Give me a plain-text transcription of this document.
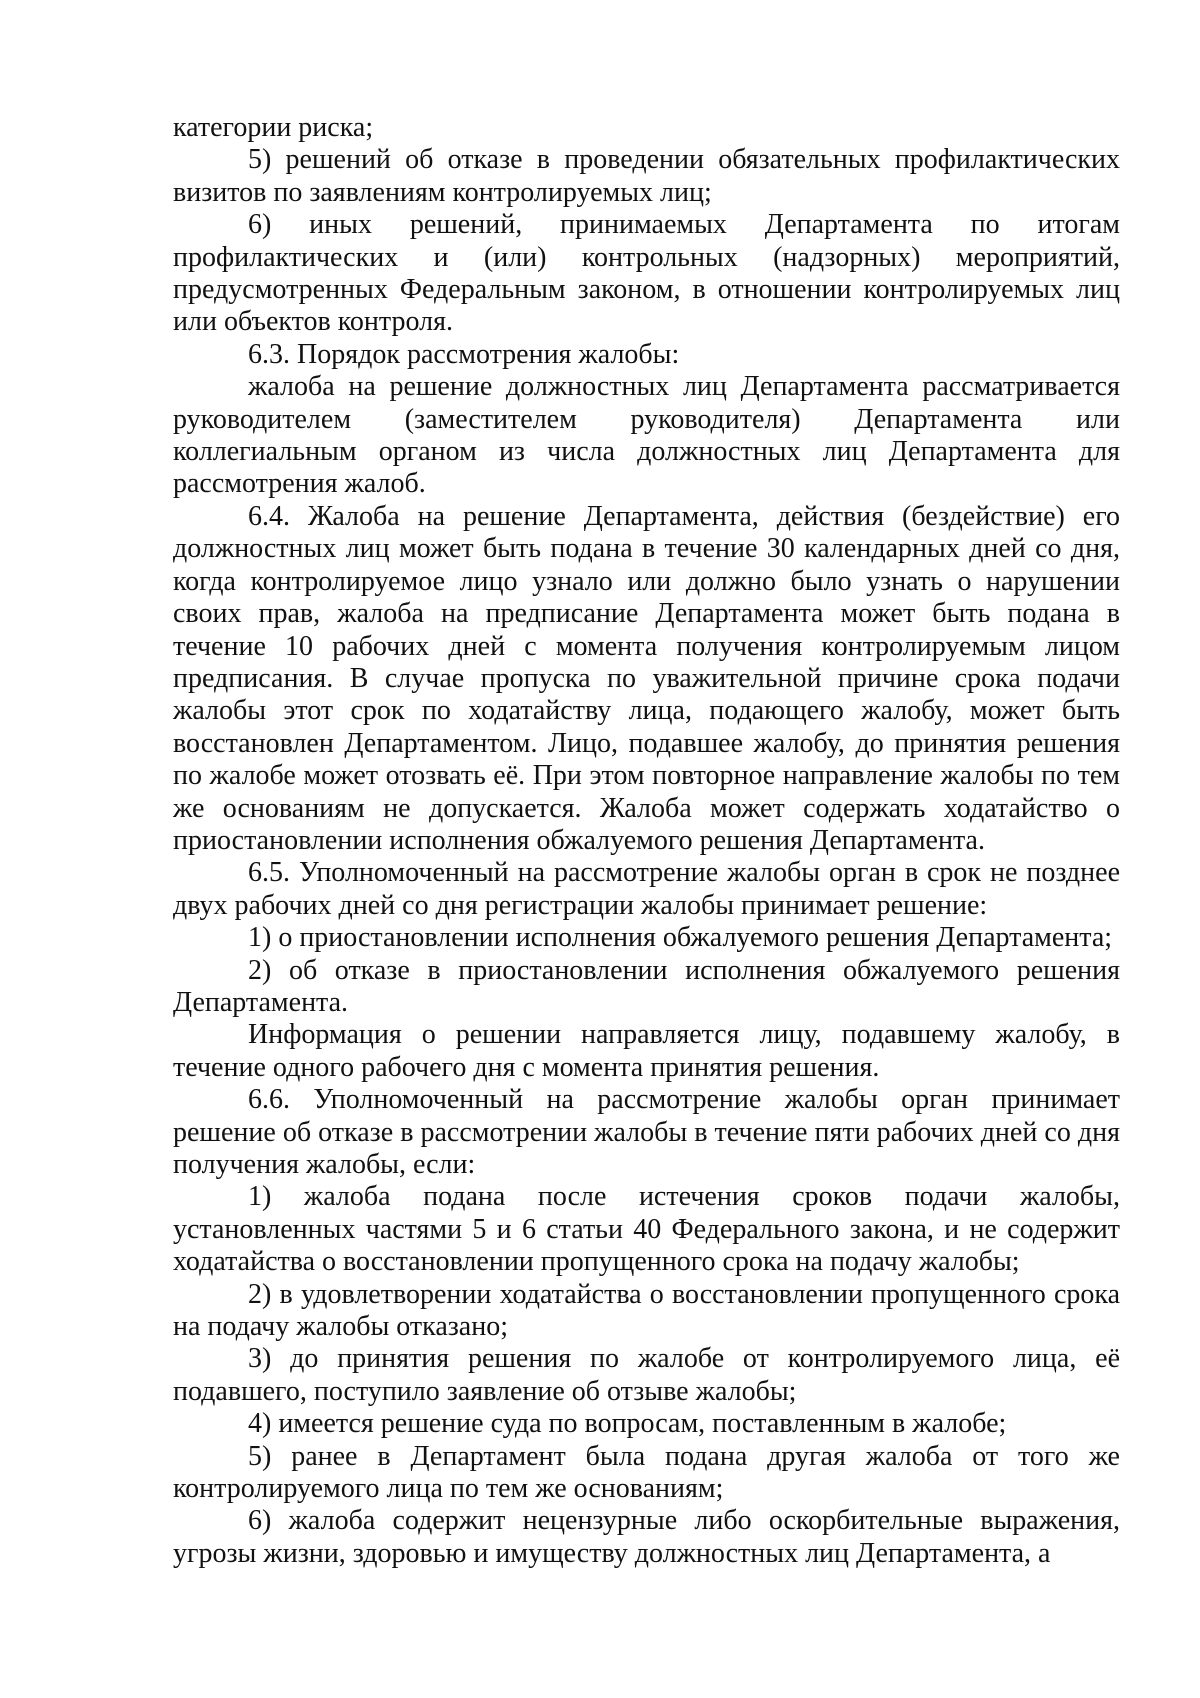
категории риска;

5) решений об отказе в проведении обязательных профилактических визитов по заявлениям контролируемых лиц;

6) иных решений, принимаемых Департамента по итогам профилактических и (или) контрольных (надзорных) мероприятий, предусмотренных Федеральным законом, в отношении контролируемых лиц или объектов контроля.

6.3. Порядок рассмотрения жалобы:

жалоба на решение должностных лиц Департамента рассматривается руководителем (заместителем руководителя) Департамента или коллегиальным органом из числа должностных лиц Департамента для рассмотрения жалоб.

6.4. Жалоба на решение Департамента, действия (бездействие) его должностных лиц может быть подана в течение 30 календарных дней со дня, когда контролируемое лицо узнало или должно было узнать о нарушении своих прав, жалоба на предписание Департамента может быть подана в течение 10 рабочих дней с момента получения контролируемым лицом предписания. В случае пропуска по уважительной причине срока подачи жалобы этот срок по ходатайству лица, подающего жалобу, может быть восстановлен Департаментом. Лицо, подавшее жалобу, до принятия решения по жалобе может отозвать её. При этом повторное направление жалобы по тем же основаниям не допускается. Жалоба может содержать ходатайство о приостановлении исполнения обжалуемого решения Департамента.

6.5. Уполномоченный на рассмотрение жалобы орган в срок не позднее двух рабочих дней со дня регистрации жалобы принимает решение:

1) о приостановлении исполнения обжалуемого решения Департамента;

2) об отказе в приостановлении исполнения обжалуемого решения Департамента.

Информация о решении направляется лицу, подавшему жалобу, в течение одного рабочего дня с момента принятия решения.

6.6. Уполномоченный на рассмотрение жалобы орган принимает решение об отказе в рассмотрении жалобы в течение пяти рабочих дней со дня получения жалобы, если:

1) жалоба подана после истечения сроков подачи жалобы, установленных частями 5 и 6 статьи 40 Федерального закона, и не содержит ходатайства о восстановлении пропущенного срока на подачу жалобы;

2) в удовлетворении ходатайства о восстановлении пропущенного срока на подачу жалобы отказано;

3) до принятия решения по жалобе от контролируемого лица, её подавшего, поступило заявление об отзыве жалобы;

4) имеется решение суда по вопросам, поставленным в жалобе;

5) ранее в Департамент была подана другая жалоба от того же контролируемого лица по тем же основаниям;

6) жалоба содержит нецензурные либо оскорбительные выражения, угрозы жизни, здоровью и имуществу должностных лиц Департамента, а
